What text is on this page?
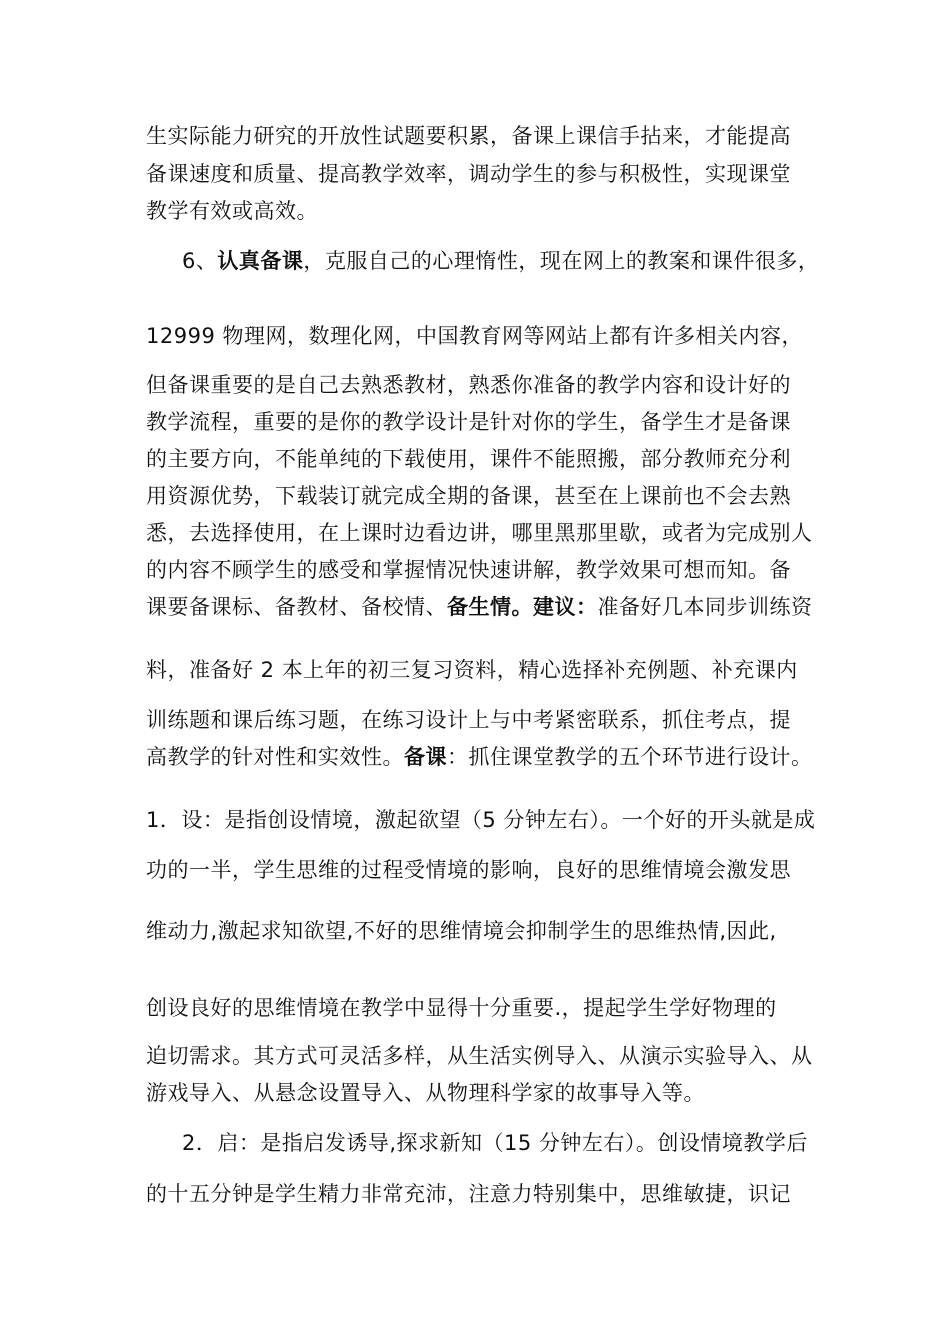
生实际能力研究的开放性试题要积累，备课上课信手拈来，才能提高
备课速度和质量、提高教学效率，调动学生的参与积极性，实现课堂
教学有效或高效。
6、认真备课，克服自己的心理惰性，现在网上的教案和课件很多，
12999 物理网，数理化网，中国教育网等网站上都有许多相关内容，
但备课重要的是自己去熟悉教材，熟悉你准备的教学内容和设计好的
教学流程，重要的是你的教学设计是针对你的学生，备学生才是备课
的主要方向，不能单纯的下载使用，课件不能照搬，部分教师充分利
用资源优势，下载装订就完成全期的备课，甚至在上课前也不会去熟
悉，去选择使用，在上课时边看边讲，哪里黑那里歇，或者为完成别人
的内容不顾学生的感受和掌握情况快速讲解，教学效果可想而知。备
课要备课标、备教材、备校情、备生情。建议：准备好几本同步训练资
料，准备好 2 本上年的初三复习资料，精心选择补充例题、补充课内
训练题和课后练习题，在练习设计上与中考紧密联系，抓住考点，提
高教学的针对性和实效性。备课：抓住课堂教学的五个环节进行设计。
1．设：是指创设情境，激起欲望（5 分钟左右）。一个好的开头就是成
功的一半，学生思维的过程受情境的影响，良好的思维情境会激发思
维动力,激起求知欲望,不好的思维情境会抑制学生的思维热情,因此,
创设良好的思维情境在教学中显得十分重要.，提起学生学好物理的
迫切需求。其方式可灵活多样，从生活实例导入、从演示实验导入、从
游戏导入、从悬念设置导入、从物理科学家的故事导入等。
2．启：是指启发诱导,探求新知（15 分钟左右）。创设情境教学后
的十五分钟是学生精力非常充沛，注意力特别集中，思维敏捷，识记
